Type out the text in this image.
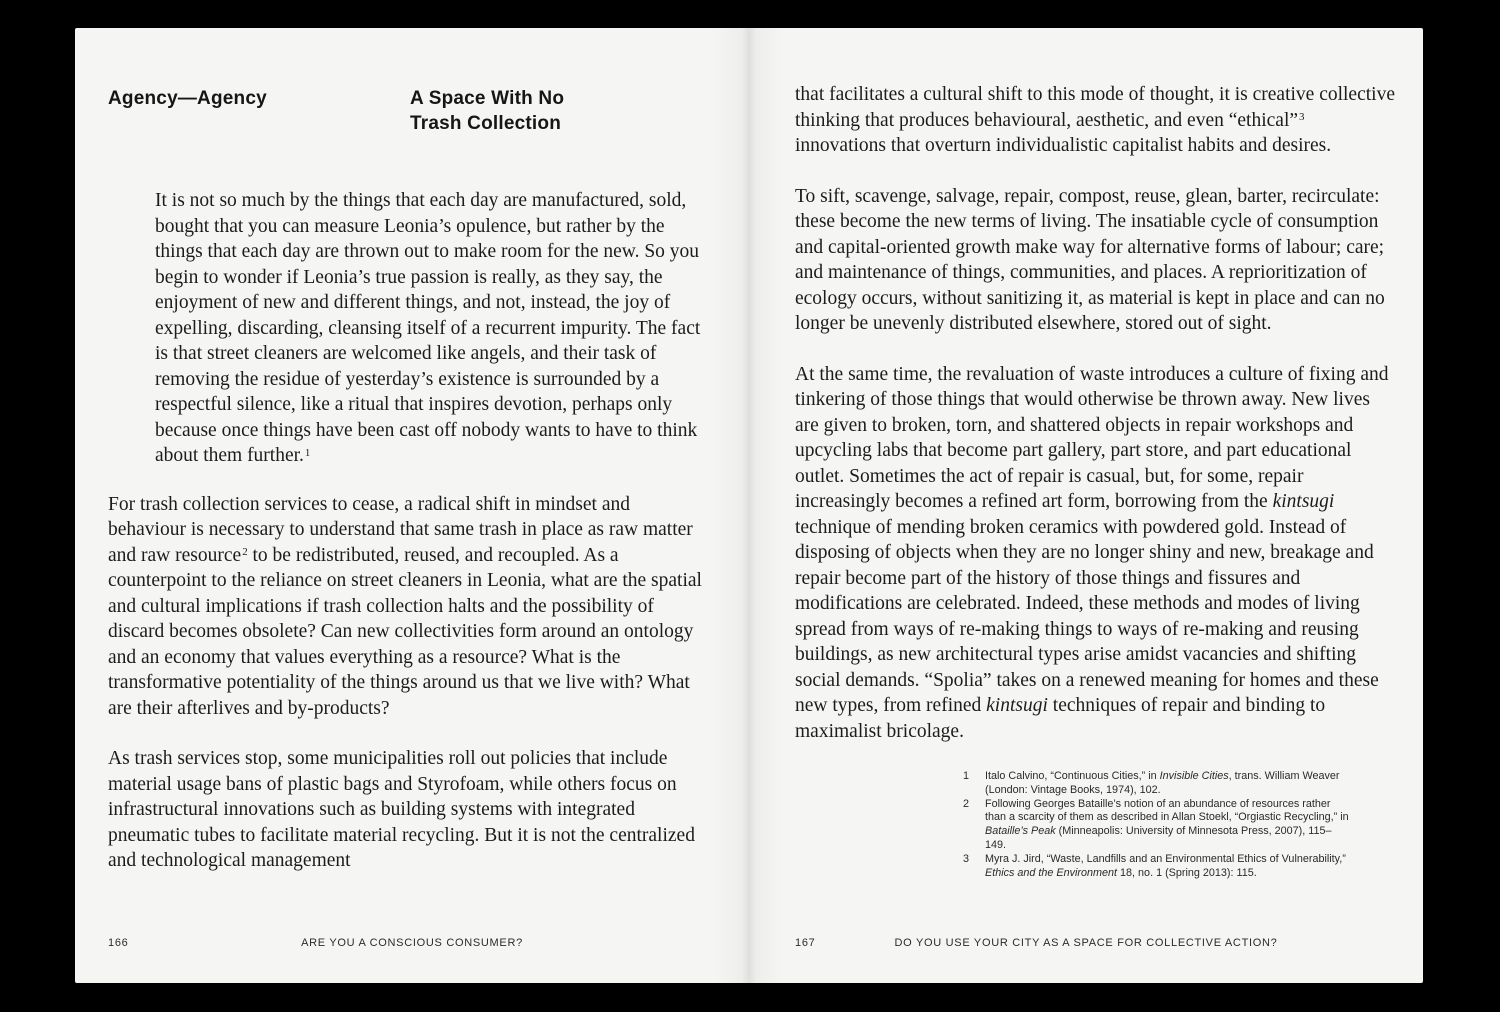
Agency—Agency	A Space With No
Trash Collection
It is not so much by the things that each day are manufactured, sold, bought that you can measure Leonia’s opulence, but rather by the things that each day are thrown out to make room for the new. So you begin to wonder if Leonia’s true passion is really, as they say, the enjoyment of new and different things, and not, instead, the joy of expelling, discarding, cleansing itself of a recurrent impurity. The fact is that street cleaners are welcomed like angels, and their task of removing the residue of yesterday’s existence is surrounded by a respectful silence, like a ritual that inspires devotion, perhaps only because once things have been cast off nobody wants to have to think about them further.$^1$
For trash collection services to cease, a radical shift in mindset and behaviour is necessary to understand that same trash in place as raw matter and raw resource$^2$ to be redistributed, reused, and recoupled. As a counterpoint to the reliance on street cleaners in Leonia, what are the spatial and cultural implications if trash collection halts and the possibility of discard becomes obsolete? Can new collectivities form around an ontology and an economy that values everything as a resource? What is the transformative potentiality of the things around us that we live with? What are their afterlives and by-products?
As trash services stop, some municipalities roll out policies that include material usage bans of plastic bags and Styrofoam, while others focus on infrastructural innovations such as building systems with integrated pneumatic tubes to facilitate material recycling. But it is not the centralized and technological management
166	ARE YOU A CONSCIOUS CONSUMER?
that facilitates a cultural shift to this mode of thought, it is creative collective thinking that produces behavioural, aesthetic, and even “ethical”$^3$ innovations that overturn individualistic capitalist habits and desires.
To sift, scavenge, salvage, repair, compost, reuse, glean, barter, recirculate: these become the new terms of living. The insatiable cycle of consumption and capital-oriented growth make way for alternative forms of labour; care; and maintenance of things, communities, and places. A reprioritization of ecology occurs, without sanitizing it, as material is kept in place and can no longer be unevenly distributed elsewhere, stored out of sight.
At the same time, the revaluation of waste introduces a culture of fixing and tinkering of those things that would otherwise be thrown away. New lives are given to broken, torn, and shattered objects in repair workshops and upcycling labs that become part gallery, part store, and part educational outlet. Sometimes the act of repair is casual, but, for some, repair increasingly becomes a refined art form, borrowing from the kintsugi technique of mending broken ceramics with powdered gold. Instead of disposing of objects when they are no longer shiny and new, breakage and repair become part of the history of those things and fissures and modifications are celebrated. Indeed, these methods and modes of living spread from ways of re-making things to ways of re-making and reusing buildings, as new architectural types arise amidst vacancies and shifting social demands. “Spolia” takes on a renewed meaning for homes and these new types, from refined kintsugi techniques of repair and binding to maximalist bricolage.
1	Italo Calvino, “Continuous Cities,” in Invisible Cities, trans. William Weaver (London: Vintage Books, 1974), 102.
2	Following Georges Bataille’s notion of an abundance of resources rather than a scarcity of them as described in Allan Stoekl, “Orgiastic Recycling,” in Bataille’s Peak (Minneapolis: University of Minnesota Press, 2007), 115–149.
3	Myra J. Jird, “Waste, Landfills and an Environmental Ethics of Vulnerability,” Ethics and the Environment 18, no. 1 (Spring 2013): 115.
167	DO YOU USE YOUR CITY AS A SPACE FOR COLLECTIVE ACTION?
